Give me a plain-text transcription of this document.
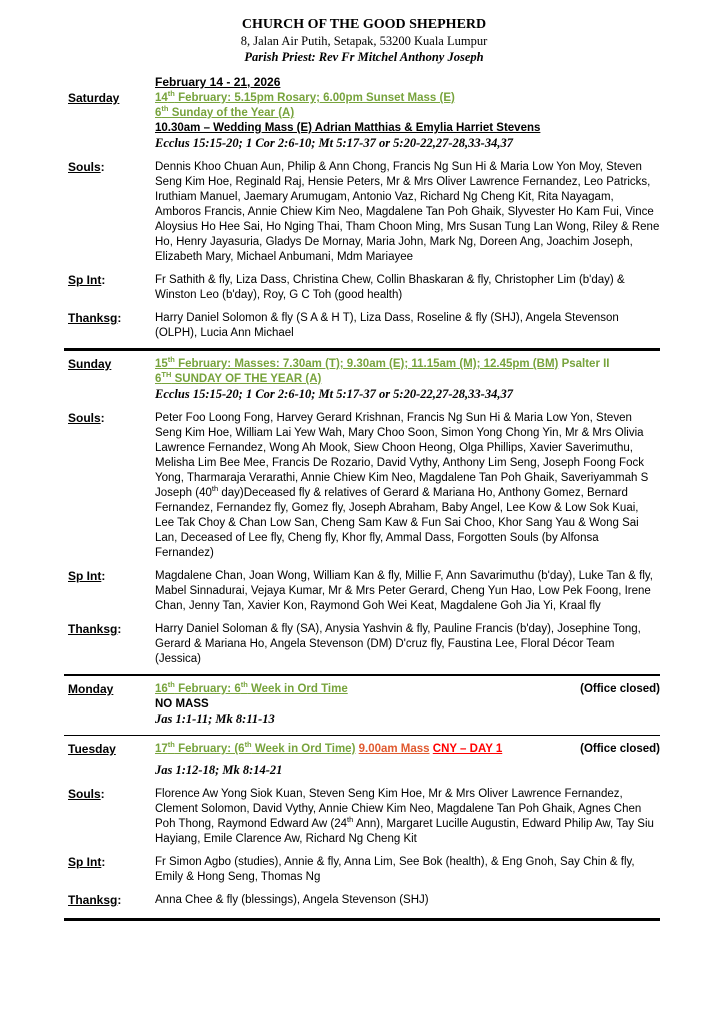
CHURCH OF THE GOOD SHEPHERD
8, Jalan Air Putih, Setapak, 53200 Kuala Lumpur
Parish Priest: Rev Fr Mitchel Anthony Joseph
February 14 - 21, 2026
Saturday	14th February: 5.15pm Rosary; 6.00pm Sunset Mass (E)
6th Sunday of the Year (A)
10.30am – Wedding Mass (E) Adrian Matthias & Emylia Harriet Stevens
Ecclus 15:15-20; 1 Cor 2:6-10; Mt 5:17-37 or 5:20-22,27-28,33-34,37
Souls:	Dennis Khoo Chuan Aun, Philip & Ann Chong, Francis Ng Sun Hi & Maria Low Yon Moy, Steven Seng Kim Hoe, Reginald Raj, Hensie Peters, Mr & Mrs Oliver Lawrence Fernandez, Leo Patricks, Iruthiam Manuel, Jaemary Arumugam, Antonio Vaz, Richard Ng Cheng Kit, Rita Nayagam, Amboros Francis, Annie Chiew Kim Neo, Magdalene Tan Poh Ghaik, Slyvester Ho Kam Fui, Vince Aloysius Ho Hee Sai, Ho Nging Thai, Tham Choon Ming, Mrs Susan Tung Lan Wong, Riley & Rene Ho, Henry Jayasuria, Gladys De Mornay, Maria John, Mark Ng, Doreen Ang, Joachim Joseph, Elizabeth Mary, Michael Anbumani, Mdm Mariayee
Sp Int:	Fr Sathith & fly, Liza Dass, Christina Chew, Collin Bhaskaran & fly, Christopher Lim (b'day) & Winston Leo (b'day), Roy, G C Toh (good health)
Thanksg:	Harry Daniel Solomon & fly (S A & H T), Liza Dass, Roseline & fly (SHJ), Angela Stevenson (OLPH), Lucia Ann Michael
Sunday	15th February: Masses: 7.30am (T); 9.30am (E); 11.15am (M); 12.45pm (BM) Psalter II
6TH SUNDAY OF THE YEAR (A)
Ecclus 15:15-20; 1 Cor 2:6-10; Mt 5:17-37 or 5:20-22,27-28,33-34,37
Souls:	Peter Foo Loong Fong, Harvey Gerard Krishnan, Francis Ng Sun Hi & Maria Low Yon, Steven Seng Kim Hoe, William Lai Yew Wah, Mary Choo Soon, Simon Yong Chong Yin, Mr & Mrs Olivia Lawrence Fernandez, Wong Ah Mook, Siew Choon Heong, Olga Phillips, Xavier Saverimuthu, Melisha Lim Bee Mee, Francis De Rozario, David Vythy, Anthony Lim Seng, Joseph Foong Fock Yong, Tharmaraja Verarathi, Annie Chiew Kim Neo, Magdalene Tan Poh Ghaik, Saveriyammah S Joseph (40th day)Deceased fly & relatives of Gerard & Mariana Ho, Anthony Gomez, Bernard Fernandez, Fernandez fly, Gomez fly, Joseph Abraham, Baby Angel, Lee Kow & Low Sok Kuai, Lee Tak Choy & Chan Low San, Cheng Sam Kaw & Fun Sai Choo, Khor Sang Yau & Wong Sai Lan, Deceased of Lee fly, Cheng fly, Khor fly, Ammal Dass, Forgotten Souls (by Alfonsa Fernandez)
Sp Int:	Magdalene Chan, Joan Wong, William Kan & fly, Millie F, Ann Savarimuthu (b'day), Luke Tan & fly, Mabel Sinnadurai, Vejaya Kumar, Mr & Mrs Peter Gerard, Cheng Yun Hao, Low Pek Foong, Irene Chan, Jenny Tan, Xavier Kon, Raymond Goh Wei Keat, Magdalene Goh Jia Yi, Kraal fly
Thanksg:	Harry Daniel Soloman & fly (SA), Anysia Yashvin & fly, Pauline Francis (b'day), Josephine Tong, Gerard & Mariana Ho, Angela Stevenson (DM) D'cruz fly, Faustina Lee, Floral Décor Team (Jessica)
Monday	16th February: 6th Week in Ord Time	(Office closed)
NO MASS
Jas 1:1-11; Mk 8:11-13
Tuesday	17th February: (6th Week in Ord Time) 9.00am Mass CNY – DAY 1	(Office closed)
Jas 1:12-18; Mk 8:14-21
Souls:	Florence Aw Yong Siok Kuan, Steven Seng Kim Hoe, Mr & Mrs Oliver Lawrence Fernandez, Clement Solomon, David Vythy, Annie Chiew Kim Neo, Magdalene Tan Poh Ghaik, Agnes Chen Poh Thong, Raymond Edward Aw (24th Ann), Margaret Lucille Augustin, Edward Philip Aw, Tay Siu Hayiang, Emile Clarence Aw, Richard Ng Cheng Kit
Sp Int:	Fr Simon Agbo (studies), Annie & fly, Anna Lim, See Bok (health), & Eng Gnoh, Say Chin & fly, Emily & Hong Seng, Thomas Ng
Thanksg:	Anna Chee & fly (blessings), Angela Stevenson (SHJ)
